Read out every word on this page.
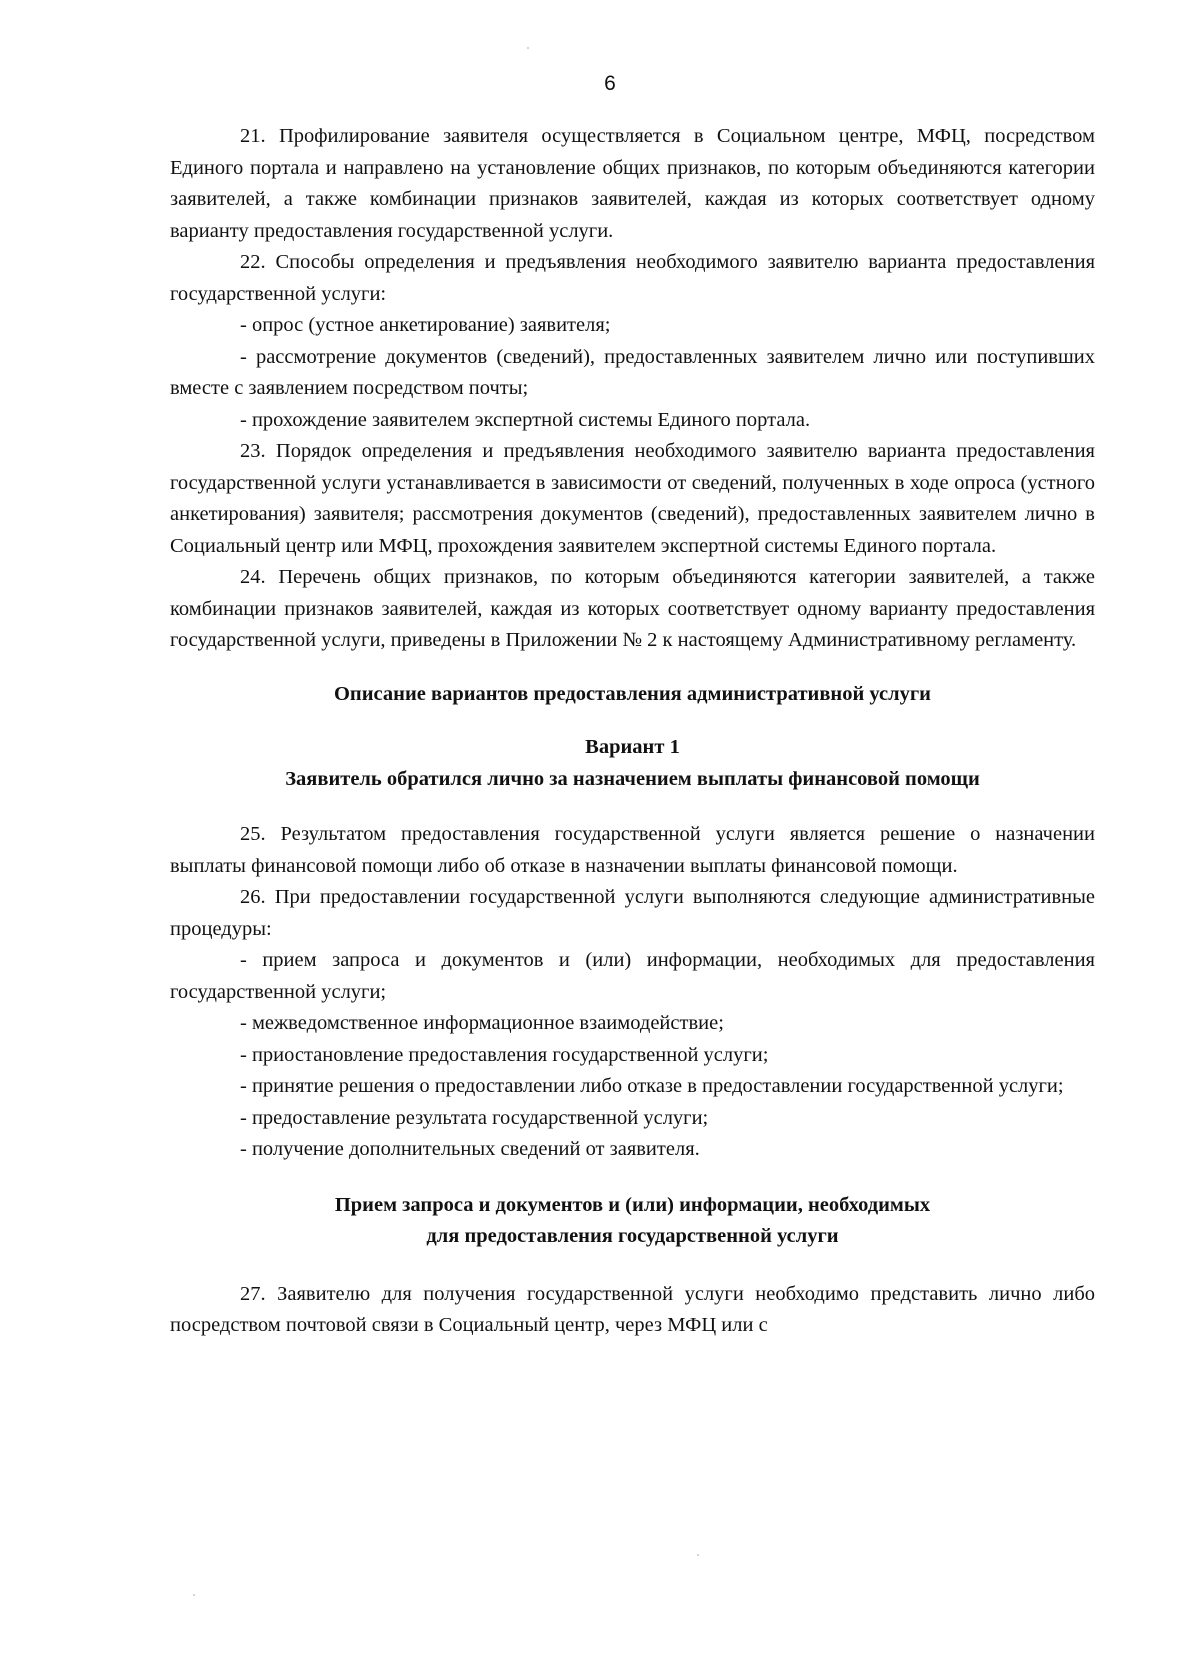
6

21. Профилирование заявителя осуществляется в Социальном центре, МФЦ, посредством Единого портала и направлено на установление общих признаков, по которым объединяются категории заявителей, а также комбинации признаков заявителей, каждая из которых соответствует одному варианту предоставления государственной услуги.

22. Способы определения и предъявления необходимого заявителю варианта предоставления государственной услуги:

- опрос (устное анкетирование) заявителя;

- рассмотрение документов (сведений), предоставленных заявителем лично или поступивших вместе с заявлением посредством почты;

- прохождение заявителем экспертной системы Единого портала.

23. Порядок определения и предъявления необходимого заявителю варианта предоставления государственной услуги устанавливается в зависимости от сведений, полученных в ходе опроса (устного анкетирования) заявителя; рассмотрения документов (сведений), предоставленных заявителем лично в Социальный центр или МФЦ, прохождения заявителем экспертной системы Единого портала.

24. Перечень общих признаков, по которым объединяются категории заявителей, а также комбинации признаков заявителей, каждая из которых соответствует одному варианту предоставления государственной услуги, приведены в Приложении № 2 к настоящему Административному регламенту.

Описание вариантов предоставления административной услуги
Вариант 1
Заявитель обратился лично за назначением выплаты финансовой помощи

25. Результатом предоставления государственной услуги является решение о назначении выплаты финансовой помощи либо об отказе в назначении выплаты финансовой помощи.

26. При предоставлении государственной услуги выполняются следующие административные процедуры:

- прием запроса и документов и (или) информации, необходимых для предоставления государственной услуги;

- межведомственное информационное взаимодействие;

- приостановление предоставления государственной услуги;

- принятие решения о предоставлении либо отказе в предоставлении государственной услуги;

- предоставление результата государственной услуги;

- получение дополнительных сведений от заявителя.

Прием запроса и документов и (или) информации, необходимых
для предоставления государственной услуги

27. Заявителю для получения государственной услуги необходимо представить лично либо посредством почтовой связи в Социальный центр, через МФЦ или с
